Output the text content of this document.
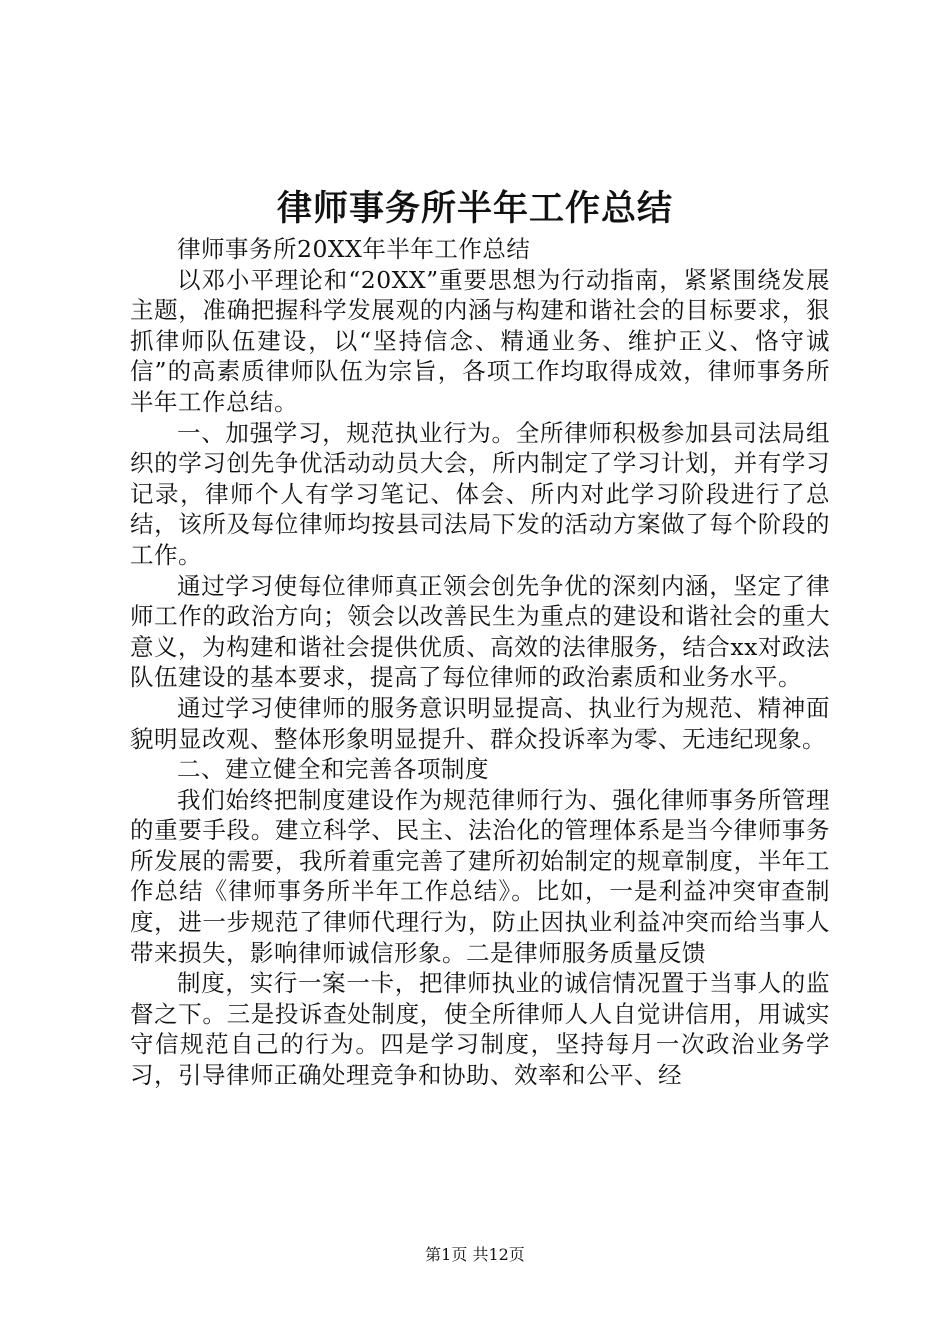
律师事务所半年工作总结

律师事务所20XX年半年工作总结

以邓小平理论和“20XX”重要思想为行动指南，紧紧围绕发展主题，准确把握科学发展观的内涵与构建和谐社会的目标要求，狠抓律师队伍建设，以“坚持信念、精通业务、维护正义、恪守诚信”的高素质律师队伍为宗旨，各项工作均取得成效，律师事务所半年工作总结。

一、加强学习，规范执业行为。全所律师积极参加县司法局组织的学习创先争优活动动员大会，所内制定了学习计划，并有学习记录，律师个人有学习笔记、体会、所内对此学习阶段进行了总结，该所及每位律师均按县司法局下发的活动方案做了每个阶段的工作。

通过学习使每位律师真正领会创先争优的深刻内涵，坚定了律师工作的政治方向；领会以改善民生为重点的建设和谐社会的重大意义，为构建和谐社会提供优质、高效的法律服务，结合xx对政法队伍建设的基本要求，提高了每位律师的政治素质和业务水平。

通过学习使律师的服务意识明显提高、执业行为规范、精神面貌明显改观、整体形象明显提升、群众投诉率为零、无违纪现象。

二、建立健全和完善各项制度

我们始终把制度建设作为规范律师行为、强化律师事务所管理的重要手段。建立科学、民主、法治化的管理体系是当今律师事务所发展的需要，我所着重完善了建所初始制定的规章制度，半年工作总结《律师事务所半年工作总结》。比如，一是利益冲突审查制度，进一步规范了律师代理行为，防止因执业利益冲突而给当事人带来损失，影响律师诚信形象。二是律师服务质量反馈

制度，实行一案一卡，把律师执业的诚信情况置于当事人的监督之下。三是投诉查处制度，使全所律师人人自觉讲信用，用诚实守信规范自己的行为。四是学习制度，坚持每月一次政治业务学习，引导律师正确处理竞争和协助、效率和公平、经

第1页 共12页
